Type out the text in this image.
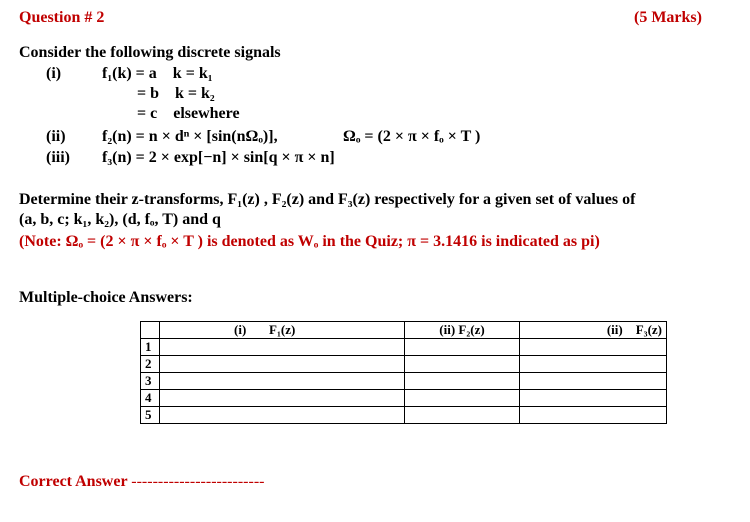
Question # 2	(5 Marks)
Consider the following discrete signals
(i)	f₁(k) = a    k = k₁
= b    k = k₂
= c    elsewhere
(ii) f₂(n) = n × dⁿ × [sin(nΩₒ)],	Ωₒ = (2 × π × fₒ × T )
(iii) f₃(n) = 2 × exp[−n] × sin[q × π × n]
Determine their z-transforms, F₁(z) , F₂(z) and F₃(z) respectively for a given set of values of
(a, b, c; k₁, k₂), (d, fₒ, T) and q
(Note: Ωₒ = (2 × π × fₒ × T ) is denoted as Wₒ in the Quiz; π = 3.1416 is indicated as pi)
Multiple-choice Answers:
	(i)       F₁(z)	(ii) F₂(z)	(ii)    F₃(z)
1			
2			
3			
4			
5			
Correct Answer -------------------------
